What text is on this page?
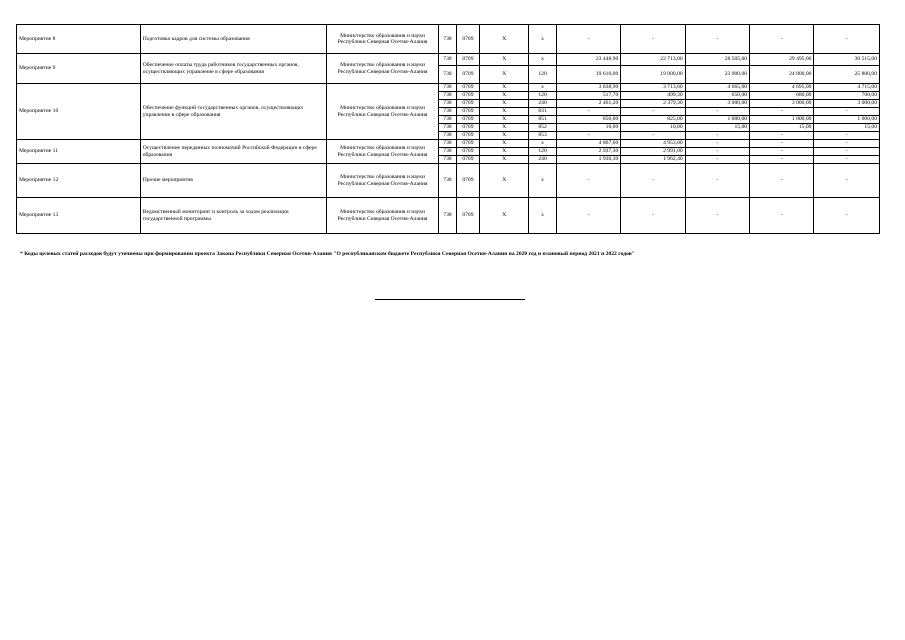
Мероприятие 8	Подготовка кадров для системы образования	Министерство образования и науки Республики Северная Осетия-Алания	738	0709	Х	х	-	-	-	-	-
Мероприятие 9	Обеспечение оплаты труда работников государственных органов, осуществляющих управление в сфере образования	Министерство образования и науки Республики Северная Осетия-Алания	738	0709	Х	х	23 448,90	22 713,00	28 505,00	29 495,00	30 515,00
			738	0709	Х	120	19 610,00	19 000,00	23 900,00	24 800,00	25 800,00
Мероприятие 10	Обеспечение функций государственных органов, осуществляющих управление в сфере образования	Министерство образования и науки Республики Северная Осетия-Алания	738	0709	Х	х	3 838,90	3 713,60	4 665,00	4 695,00	4 715,00
			738	0709	Х	120	517,70	499,30	650,00	680,00	700,00
			738	0709	Х	240	2 461,20	2 379,30	3 000,00	3 000,00	3 000,00
			738	0709	Х	831	-	-	-	-	-
			738	0709	Х	851	850,00	825,00	1 000,00	1 000,00	1 000,00
			738	0709	Х	852	10,00	10,00	15,00	15,00	15,00
			738	0709	Х	853	-	-	-	-	-
Мероприятие 11	Осуществление переданных полномочий Российской Федерации в сфере образования	Министерство образования и науки Республики Северная Осетия-Алания	738	0709	Х	х	4 867,60	4 953,00	-	-	-
			738	0709	Х	120	2 937,30	2 991,00	-	-	-
			738	0709	Х	240	1 930,30	1 962,40	-	-	-
Мероприятие 12	Прочие мероприятия	Министерство образования и науки Республики Северная Осетия-Алания	738	0709	Х	х	-	-	-	-	-
Мероприятие 13	Ведомственный мониторинг и контроль за ходом реализации государственной программы	Министерство образования и науки Республики Северная Осетия-Алания	738	0709	Х	х	-	-	-	-	-
* Коды целевых статей расходов будут уточнены при формировании проекта Закона Республики Северная Осетия-Алания "О республиканском бюджете Республики Северная Осетия-Алания на 2020 год и плановый период 2021 и 2022 годов"
